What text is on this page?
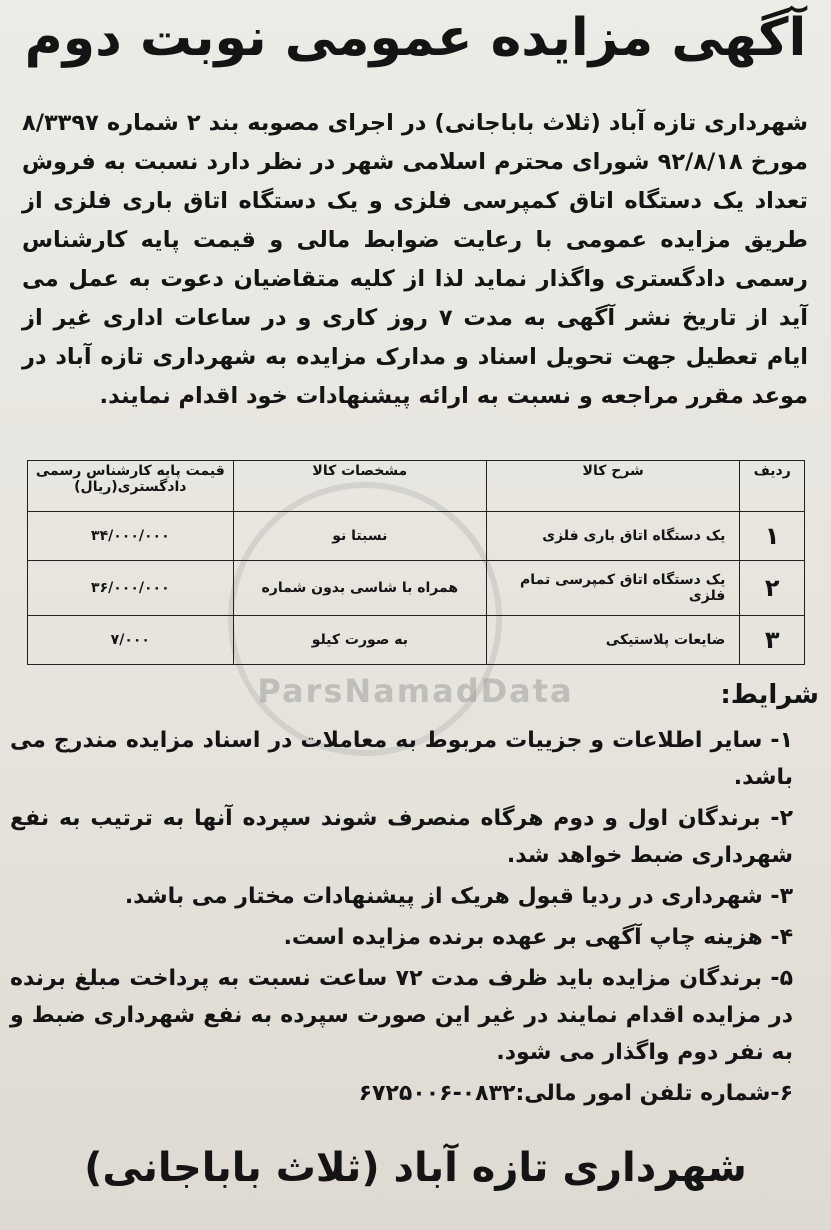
آگهی مزایده عمومی نوبت دوم
شهرداری تازه آباد (ثلاث باباجانی) در اجرای مصوبه بند ۲ شماره ۸/۳۳۹۷ مورخ ۹۲/۸/۱۸ شورای محترم اسلامی شهر در نظر دارد نسبت به فروش تعداد یک دستگاه اتاق کمپرسی فلزی و یک دستگاه اتاق باری فلزی از طریق مزایده عمومی با رعایت ضوابط مالی و قیمت پایه کارشناس رسمی دادگستری واگذار نماید لذا از کلیه متقاضیان دعوت به عمل می آید از تاریخ نشر آگهی به مدت ۷ روز کاری و در ساعات اداری غیر از ایام تعطیل جهت تحویل اسناد و مدارک مزایده به شهرداری تازه آباد در موعد مقرر مراجعه و نسبت به ارائه پیشنهادات خود اقدام نمایند.
ردیف	شرح کالا	مشخصات کالا	قیمت پایه کارشناس رسمی دادگستری(ریال)
۱	یک دستگاه اتاق باری فلزی	نسبتا نو	۳۴/۰۰۰/۰۰۰
۲	یک دستگاه اتاق کمپرسی تمام فلزی	همراه با شاسی بدون شماره	۳۶/۰۰۰/۰۰۰
۳	ضایعات پلاستیکی	به صورت کیلو	۷/۰۰۰
ParsNamadData	شرایط:

۱- سایر اطلاعات و جزییات مربوط به معاملات در اسناد مزایده مندرج می باشد.

۲- برندگان اول و دوم هرگاه منصرف شوند سپرده آنها به ترتیب به نفع شهرداری ضبط خواهد شد.

۳- شهرداری در ردیا قبول هریک از پیشنهادات مختار می باشد.

۴- هزینه چاپ آگهی بر عهده برنده مزایده است.

۵- برندگان مزایده باید ظرف مدت ۷۲ ساعت نسبت به پرداخت مبلغ برنده در مزایده اقدام نمایند در غیر این صورت سپرده به نفع شهرداری ضبط و به نفر دوم واگذار می شود.

۶-شماره تلفن امور مالی:۰۸۳۲-۶۷۲۵۰۰۶

شهرداری تازه آباد (ثلاث باباجانی)
